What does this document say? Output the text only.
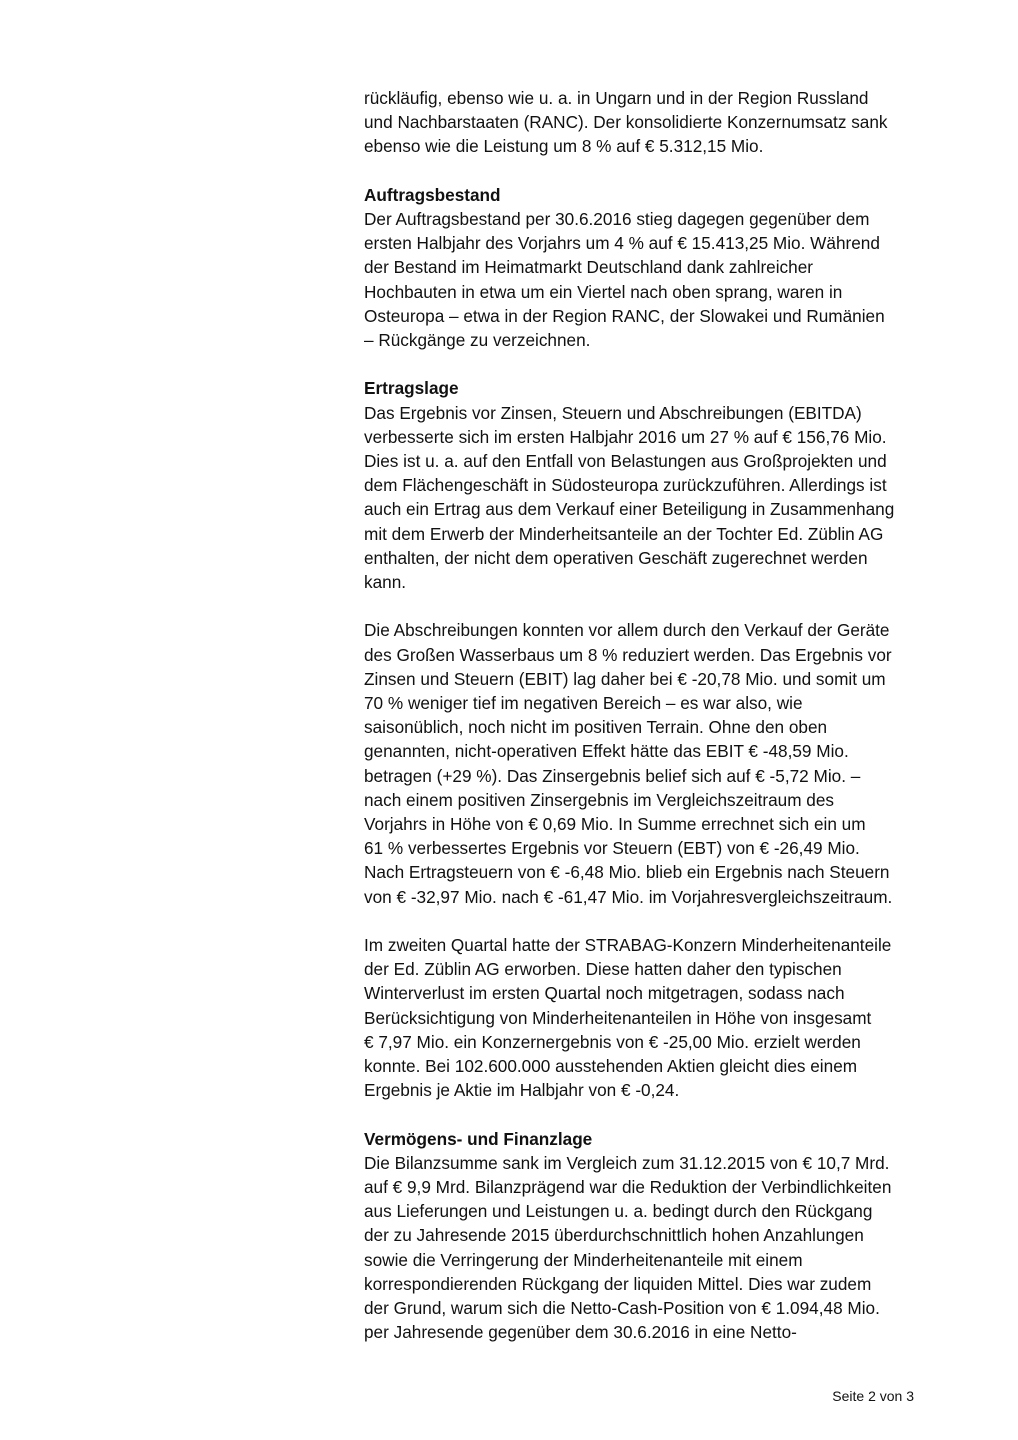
rückläufig, ebenso wie u. a. in Ungarn und in der Region Russland
und Nachbarstaaten (RANC). Der konsolidierte Konzernumsatz sank
ebenso wie die Leistung um 8 % auf € 5.312,15 Mio.
Auftragsbestand
Der Auftragsbestand per 30.6.2016 stieg dagegen gegenüber dem
ersten Halbjahr des Vorjahrs um 4 % auf € 15.413,25 Mio. Während
der Bestand im Heimatmarkt Deutschland dank zahlreicher
Hochbauten in etwa um ein Viertel nach oben sprang, waren in
Osteuropa – etwa in der Region RANC, der Slowakei und Rumänien
– Rückgänge zu verzeichnen.
Ertragslage
Das Ergebnis vor Zinsen, Steuern und Abschreibungen (EBITDA)
verbesserte sich im ersten Halbjahr 2016 um 27 % auf € 156,76 Mio.
Dies ist u. a. auf den Entfall von Belastungen aus Großprojekten und
dem Flächengeschäft in Südosteuropa zurückzuführen. Allerdings ist
auch ein Ertrag aus dem Verkauf einer Beteiligung in Zusammenhang
mit dem Erwerb der Minderheitsanteile an der Tochter Ed. Züblin AG
enthalten, der nicht dem operativen Geschäft zugerechnet werden
kann.
Die Abschreibungen konnten vor allem durch den Verkauf der Geräte
des Großen Wasserbaus um 8 % reduziert werden. Das Ergebnis vor
Zinsen und Steuern (EBIT) lag daher bei € -20,78 Mio. und somit um
70 % weniger tief im negativen Bereich – es war also, wie
saisonüblich, noch nicht im positiven Terrain. Ohne den oben
genannten, nicht-operativen Effekt hätte das EBIT € -48,59 Mio.
betragen (+29 %). Das Zinsergebnis belief sich auf € -5,72 Mio. –
nach einem positiven Zinsergebnis im Vergleichszeitraum des
Vorjahrs in Höhe von € 0,69 Mio. In Summe errechnet sich ein um
61 % verbessertes Ergebnis vor Steuern (EBT) von € -26,49 Mio.
Nach Ertragsteuern von € -6,48 Mio. blieb ein Ergebnis nach Steuern
von € -32,97 Mio. nach € -61,47 Mio. im Vorjahresvergleichszeitraum.
Im zweiten Quartal hatte der STRABAG-Konzern Minderheitenanteile
der Ed. Züblin AG erworben. Diese hatten daher den typischen
Winterverlust im ersten Quartal noch mitgetragen, sodass nach
Berücksichtigung von Minderheitenanteilen in Höhe von insgesamt
€ 7,97 Mio. ein Konzernergebnis von € -25,00 Mio. erzielt werden
konnte. Bei 102.600.000 ausstehenden Aktien gleicht dies einem
Ergebnis je Aktie im Halbjahr von € -0,24.
Vermögens- und Finanzlage
Die Bilanzsumme sank im Vergleich zum 31.12.2015 von € 10,7 Mrd.
auf € 9,9 Mrd. Bilanzprägend war die Reduktion der Verbindlichkeiten
aus Lieferungen und Leistungen u. a. bedingt durch den Rückgang
der zu Jahresende 2015 überdurchschnittlich hohen Anzahlungen
sowie die Verringerung der Minderheitenanteile mit einem
korrespondierenden Rückgang der liquiden Mittel. Dies war zudem
der Grund, warum sich die Netto-Cash-Position von € 1.094,48 Mio.
per Jahresende gegenüber dem 30.6.2016 in eine Netto-
Seite 2 von 3
